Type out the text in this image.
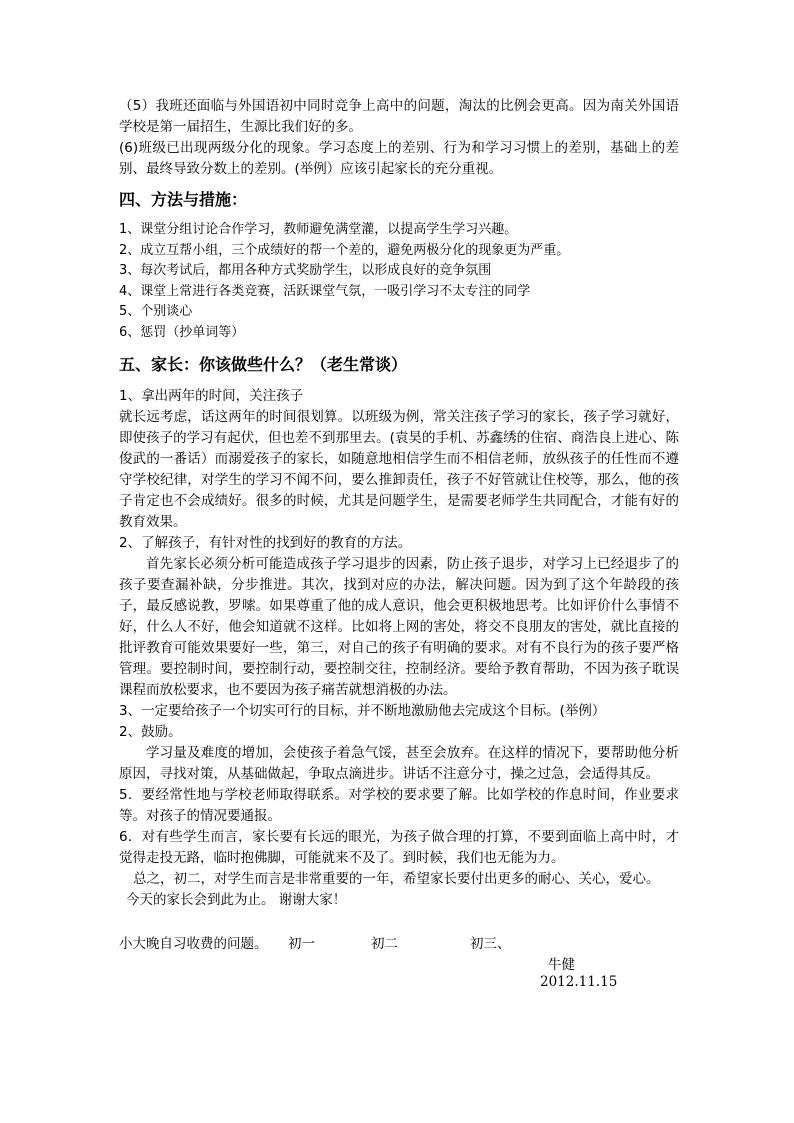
（5）我班还面临与外国语初中同时竞争上高中的问题，淘汰的比例会更高。因为南关外国语学校是第一届招生，生源比我们好的多。

(6)班级已出现两级分化的现象。学习态度上的差别、行为和学习习惯上的差别，基础上的差别、最终导致分数上的差别。(举例）应该引起家长的充分重视。

四、方法与措施：

1、课堂分组讨论合作学习，教师避免满堂灌，以提高学生学习兴趣。

2、成立互帮小组，三个成绩好的帮一个差的，避免两极分化的现象更为严重。

3、每次考试后，都用各种方式奖励学生，以形成良好的竞争氛围

4、课堂上常进行各类竞赛，活跃课堂气氛，一吸引学习不太专注的同学

5、个别谈心

6、惩罚（抄单词等）

五、家长：你该做些什么？（老生常谈）

1、拿出两年的时间，关注孩子

就长远考虑，话这两年的时间很划算。以班级为例，常关注孩子学习的家长，孩子学习就好，即使孩子的学习有起伏，但也差不到那里去。(袁昊的手机、苏鑫绣的住宿、商浩良上进心、陈俊武的一番话）而溺爱孩子的家长，如随意地相信学生而不相信老师，放纵孩子的任性而不遵守学校纪律，对学生的学习不闻不问，要么推卸责任，孩子不好管就让住校等，那么，他的孩子肯定也不会成绩好。很多的时候，尤其是问题学生，是需要老师学生共同配合，才能有好的教育效果。

2、了解孩子，有针对性的找到好的教育的方法。

首先家长必须分析可能造成孩子学习退步的因素，防止孩子退步，对学习上已经退步了的孩子要查漏补缺，分步推进。其次，找到对应的办法，解决问题。因为到了这个年龄段的孩子，最反感说教，罗嗦。如果尊重了他的成人意识，他会更积极地思考。比如评价什么事情不好，什么人不好，他会知道就不这样。比如将上网的害处，将交不良朋友的害处，就比直接的批评教育可能效果要好一些，第三，对自己的孩子有明确的要求。对有不良行为的孩子要严格管理。要控制时间，要控制行动，要控制交往，控制经济。要给予教育帮助，不因为孩子耽误课程而放松要求，也不要因为孩子痛苦就想消极的办法。

3、一定要给孩子一个切实可行的目标，并不断地激励他去完成这个目标。(举例）

2、鼓励。

学习量及难度的增加，会使孩子着急气馁，甚至会放弃。在这样的情况下，要帮助他分析原因，寻找对策，从基础做起，争取点滴进步。讲话不注意分寸，操之过急，会适得其反。

5．要经常性地与学校老师取得联系。对学校的要求要了解。比如学校的作息时间，作业要求等。对孩子的情况要通报。

6．对有些学生而言，家长要有长远的眼光，为孩子做合理的打算，不要到面临上高中时，才觉得走投无路，临时抱佛脚，可能就来不及了。到时候，我们也无能为力。

总之，初二，对学生而言是非常重要的一年，希望家长要付出更多的耐心、关心，爱心。

今天的家长会到此为止。 谢谢大家！

小大晚自习收费的问题。 初一	初二	初三、
牛健
2012.11.15
